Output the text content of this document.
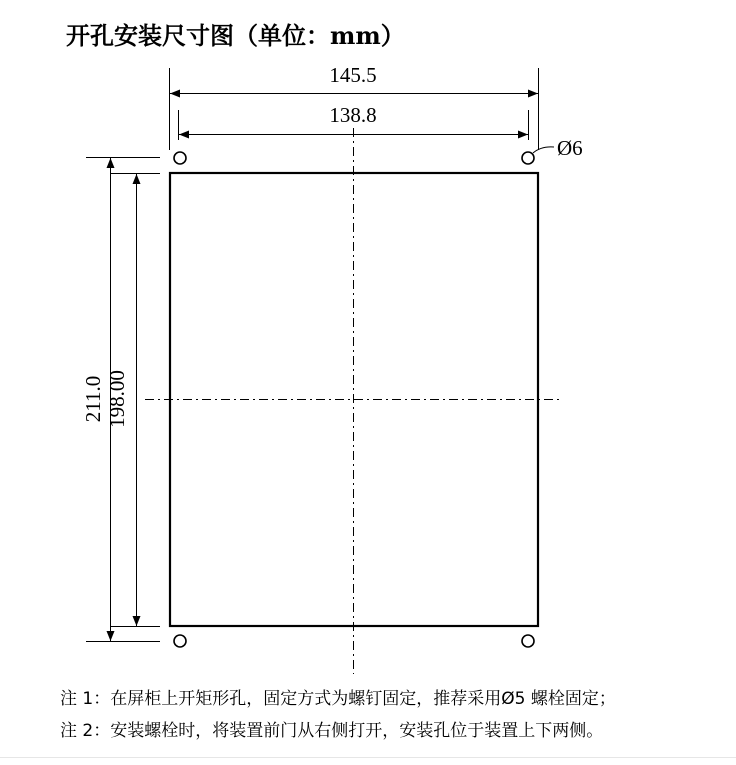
开孔安装尺寸图（单位：mm）
145.5
138.8
Ø6
211.0 198.00
注 1：在屏柜上开矩形孔，固定方式为螺钉固定，推荐采用Ø5 螺栓固定；
注 2：安装螺栓时，将装置前门从右侧打开，安装孔位于装置上下两侧。
